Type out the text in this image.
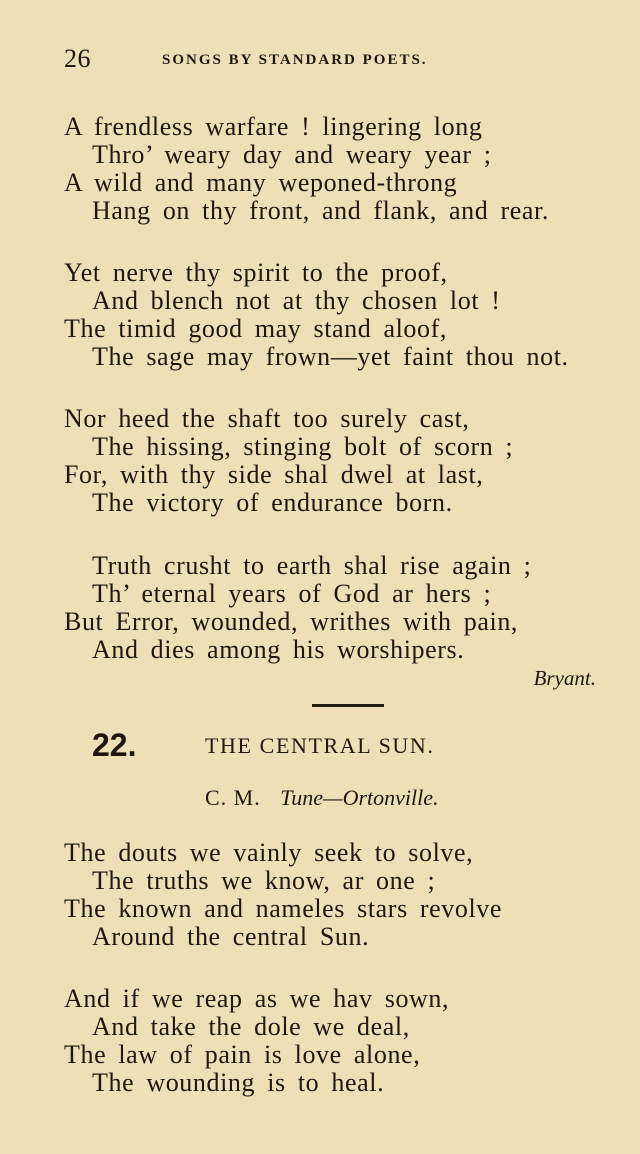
26	SONGS BY STANDARD POETS.
A frendless warfare ! lingering long
Thro’ weary day and weary year ;
A wild and many weponed-throng
Hang on thy front, and flank, and rear.
Yet nerve thy spirit to the proof,
And blench not at thy chosen lot !
The timid good may stand aloof,
The sage may frown—yet faint thou not.
Nor heed the shaft too surely cast,
The hissing, stinging bolt of scorn ;
For, with thy side shal dwel at last,
The victory of endurance born.
Truth crusht to earth shal rise again ;
Th’ eternal years of God ar hers ;
But Error, wounded, writhes with pain,
And dies among his worshipers.
Bryant.
22.	THE CENTRAL SUN.
C. M. Tune—Ortonville.
The douts we vainly seek to solve,
The truths we know, ar one ;
The known and nameles stars revolve
Around the central Sun.
And if we reap as we hav sown,
And take the dole we deal,
The law of pain is love alone,
The wounding is to heal.
